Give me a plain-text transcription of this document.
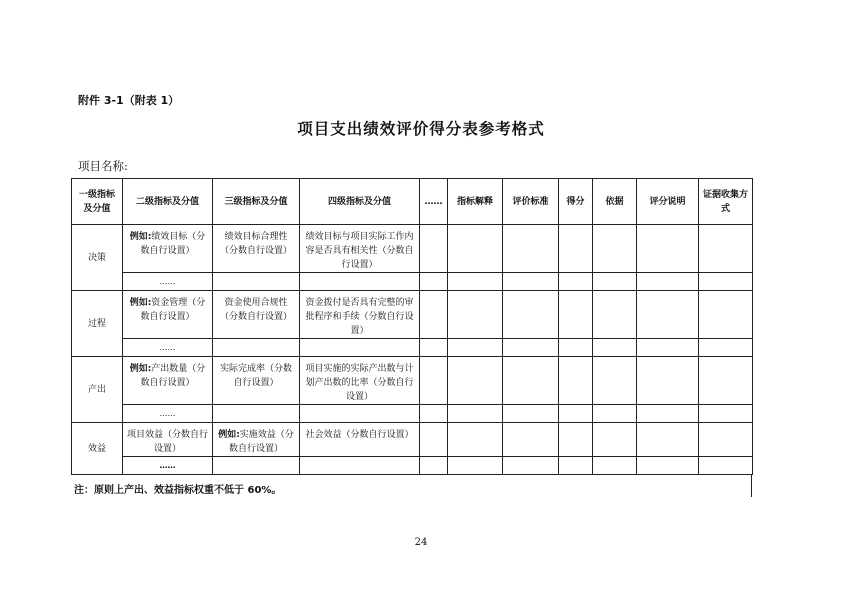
附件 3-1（附表 1）
项目支出绩效评价得分表参考格式
项目名称:
一级指标及分值	二级指标及分值	三级指标及分值	四级指标及分值	……	指标解释	评价标准	得分	依据	评分说明	证据收集方式
决策	例如:绩效目标（分数自行设置）	绩效目标合理性（分数自行设置）	绩效目标与项目实际工作内容是否具有相关性（分数自行设置）							
	……									
过程	例如:资金管理（分数自行设置）	资金使用合规性（分数自行设置）	资金拨付是否具有完整的审批程序和手续（分数自行设置）							
	……									
产出	例如:产出数量（分数自行设置）	实际完成率（分数自行设置）	项目实施的实际产出数与计划产出数的比率（分数自行设置）							
	……									
效益	项目效益（分数自行设置）	例如:实施效益（分数自行设置）	社会效益（分数自行设置）							
	……									
注：原则上产出、效益指标权重不低于 60%。
24
